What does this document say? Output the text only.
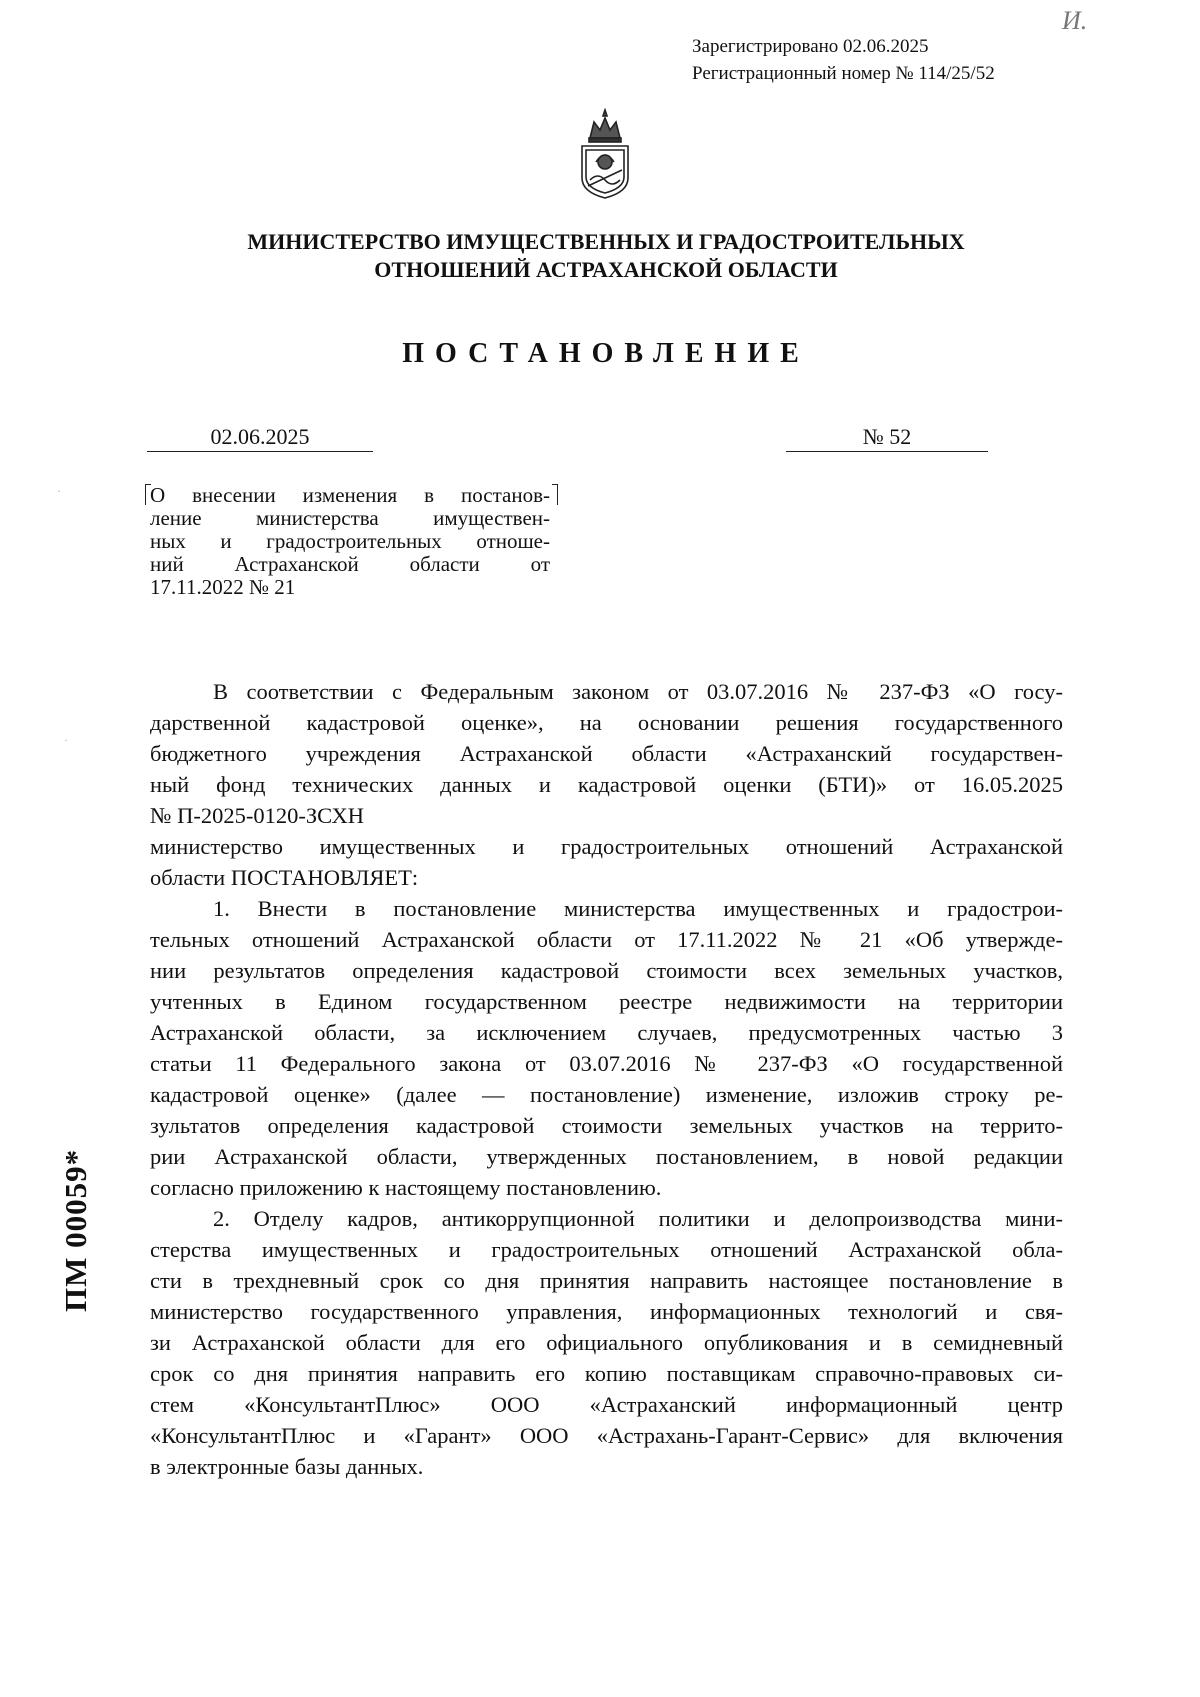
И.
Зарегистрировано 02.06.2025
Регистрационный номер № 114/25/52
МИНИСТЕРСТВО ИМУЩЕСТВЕННЫХ И ГРАДОСТРОИТЕЛЬНЫХ
ОТНОШЕНИЙ АСТРАХАНСКОЙ ОБЛАСТИ
ПОСТАНОВЛЕНИЕ
02.06.2025	№ 52
О внесении изменения в постанов-
ление министерства имуществен-
ных и градостроительных отноше-
ний Астраханской области от
17.11.2022 № 21
В соответствии с Федеральным законом от 03.07.2016 № 237-ФЗ «О госу-
дарственной кадастровой оценке», на основании решения государственного
бюджетного учреждения Астраханской области «Астраханский государствен-
ный фонд технических данных и кадастровой оценки (БТИ)» от 16.05.2025
№ П-2025-0120-ЗСХН
министерство имущественных и градостроительных отношений Астраханской
области ПОСТАНОВЛЯЕТ:
1. Внести в постановление министерства имущественных и градострои-
тельных отношений Астраханской области от 17.11.2022 № 21 «Об утвержде-
нии результатов определения кадастровой стоимости всех земельных участков,
учтенных в Едином государственном реестре недвижимости на территории
Астраханской области, за исключением случаев, предусмотренных частью 3
статьи 11 Федерального закона от 03.07.2016 № 237-ФЗ «О государственной
кадастровой оценке» (далее — постановление) изменение, изложив строку ре-
зультатов определения кадастровой стоимости земельных участков на террито-
рии Астраханской области, утвержденных постановлением, в новой редакции
согласно приложению к настоящему постановлению.
2. Отделу кадров, антикоррупционной политики и делопроизводства мини-
стерства имущественных и градостроительных отношений Астраханской обла-
сти в трехдневный срок со дня принятия направить настоящее постановление в
министерство государственного управления, информационных технологий и свя-
зи Астраханской области для его официального опубликования и в семидневный
срок со дня принятия направить его копию поставщикам справочно-правовых си-
стем «КонсультантПлюс» ООО «Астраханский информационный центр
«КонсультантПлюс и «Гарант» ООО «Астрахань-Гарант-Сервис» для включения
в электронные базы данных.
ПМ 00059*
·
·
